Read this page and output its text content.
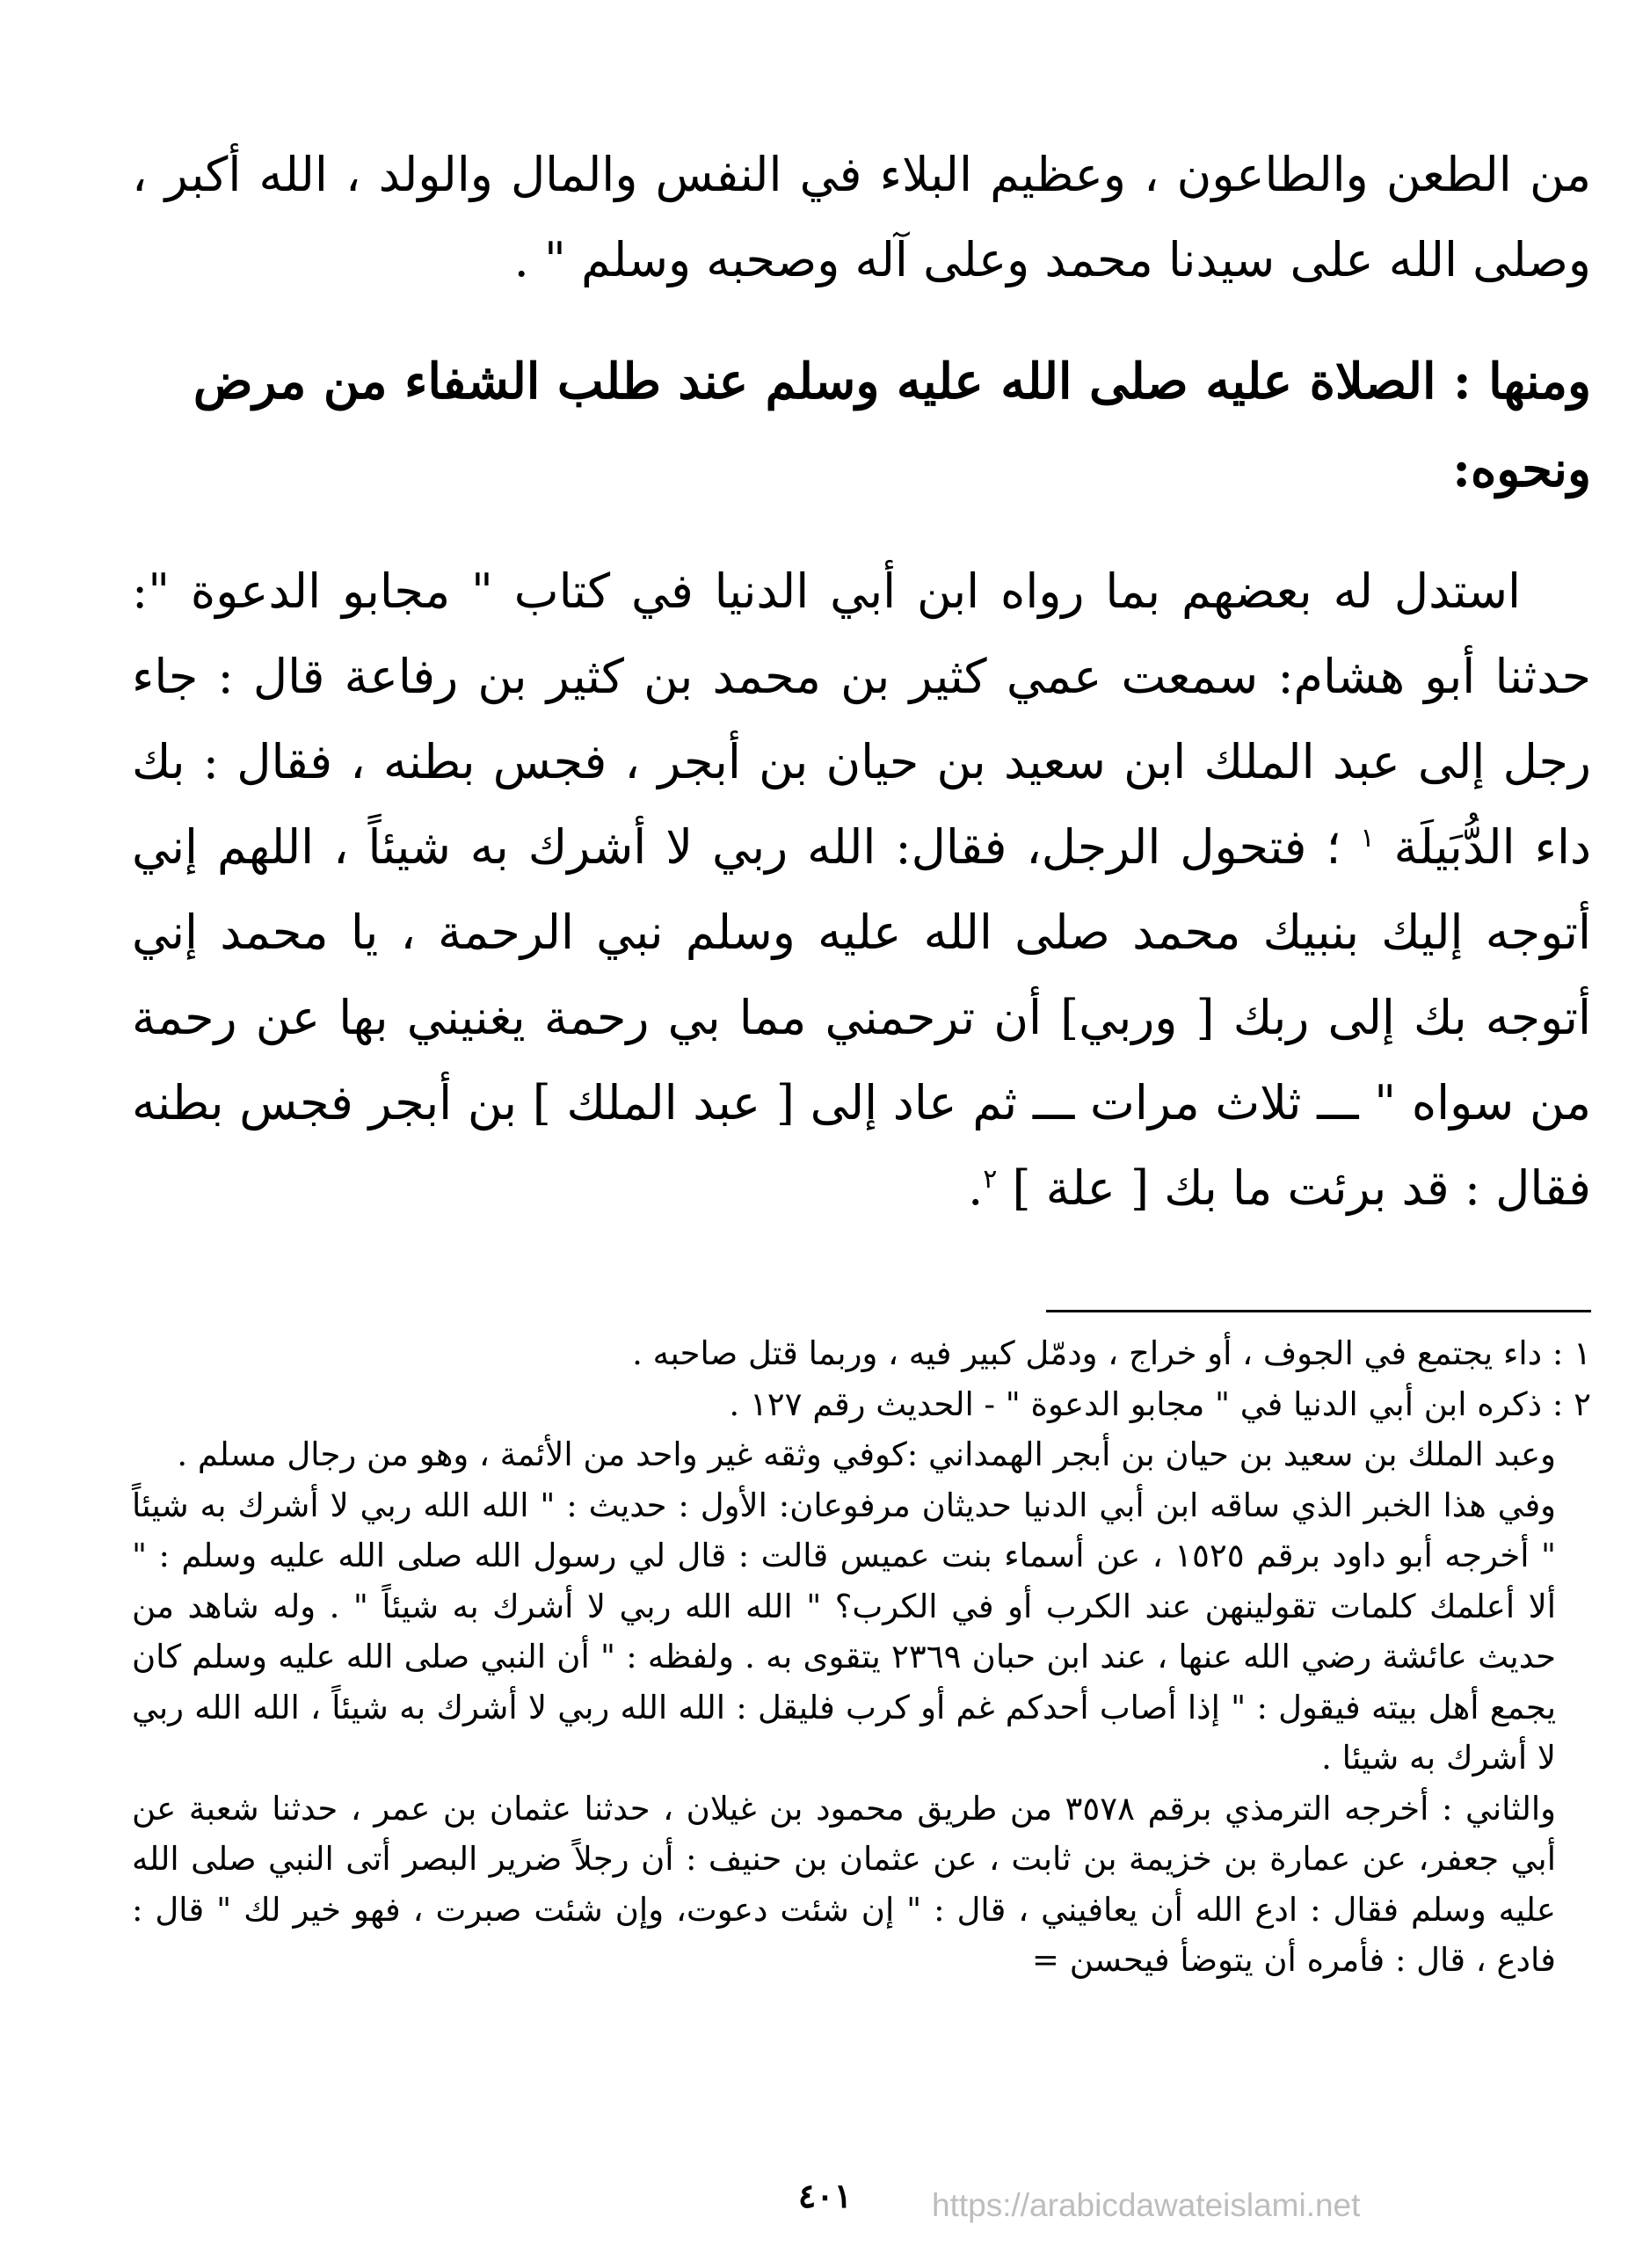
من الطعن والطاعون ، وعظيم البلاء في النفس والمال والولد ، الله أكبر ، وصلى الله على سيدنا محمد وعلى آله وصحبه وسلم " .

ومنها : الصلاة عليه صلى الله عليه وسلم عند طلب الشفاء من مرض ونحوه:

استدل له بعضهم بما رواه ابن أبي الدنيا في كتاب " مجابو الدعوة ": حدثنا أبو هشام: سمعت عمي كثير بن محمد بن كثير بن رفاعة قال : جاء رجل إلى عبد الملك ابن سعيد بن حيان بن أبجر ، فجس بطنه ، فقال : بك داء الدُّبَيلَة $^١$ ؛ فتحول الرجل، فقال: الله ربي لا أشرك به شيئاً ، اللهم إني أتوجه إليك بنبيك محمد صلى الله عليه وسلم نبي الرحمة ، يا محمد إني أتوجه بك إلى ربك [ وربي] أن ترحمني مما بي رحمة يغنيني بها عن رحمة من سواه " ـــ ثلاث مرات ـــ ثم عاد إلى [ عبد الملك ] بن أبجر فجس بطنه فقال : قد برئت ما بك [ علة ] $^٢$.

١ : داء يجتمع في الجوف ، أو خراج ، ودمّل كبير فيه ، وربما قتل صاحبه .

٢ : ذكره ابن أبي الدنيا في " مجابو الدعوة " - الحديث رقم ١٢٧ .

وعبد الملك بن سعيد بن حيان بن أبجر الهمداني :كوفي وثقه غير واحد من الأئمة ، وهو من رجال مسلم .

وفي هذا الخبر الذي ساقه ابن أبي الدنيا حديثان مرفوعان: الأول : حديث : " الله الله ربي لا أشرك به شيئاً " أخرجه أبو داود برقم ١٥٢٥ ، عن أسماء بنت عميس قالت : قال لي رسول الله صلى الله عليه وسلم : " ألا أعلمك كلمات تقولينهن عند الكرب أو في الكرب؟ " الله الله ربي لا أشرك به شيئاً " . وله شاهد من حديث عائشة رضي الله عنها ، عند ابن حبان ٢٣٦٩ يتقوى به . ولفظه : " أن النبي صلى الله عليه وسلم كان يجمع أهل بيته فيقول : " إذا أصاب أحدكم غم أو كرب فليقل : الله الله ربي لا أشرك به شيئاً ، الله الله ربي لا أشرك به شيئا .

والثاني : أخرجه الترمذي برقم ٣٥٧٨ من طريق محمود بن غيلان ، حدثنا عثمان بن عمر ، حدثنا شعبة عن أبي جعفر، عن عمارة بن خزيمة بن ثابت ، عن عثمان بن حنيف : أن رجلاً ضرير البصر أتى النبي صلى الله عليه وسلم فقال : ادع الله أن يعافيني ، قال : " إن شئت دعوت، وإن شئت صبرت ، فهو خير لك " قال : فادع ، قال : فأمره أن يتوضأ فيحسن =

٤٠١	https://arabicdawateislami.net
